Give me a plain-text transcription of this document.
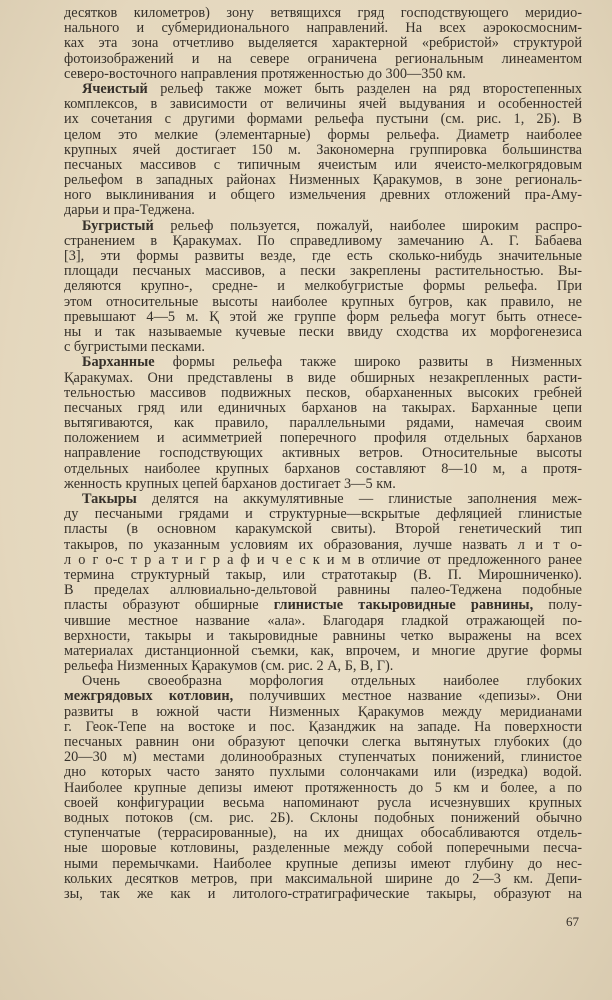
десятков километров) зону ветвящихся гряд господствующего меридио-
нального и субмеридионального направлений. На всех аэрокосмосним-
ках эта зона отчетливо выделяется характерной «ребристой» структурой
фотоизображений и на севере ограничена региональным линеаментом
северо-восточного направления протяженностью до 300—350 км.
Ячеистый рельеф также может быть разделен на ряд второстепенных
комплексов, в зависимости от величины ячей выдувания и особенностей
их сочетания с другими формами рельефа пустыни (см. рис. 1, 2Б). В
целом это мелкие (элементарные) формы рельефа. Диаметр наиболее
крупных ячей достигает 150 м. Закономерна группировка большинства
песчаных массивов с типичным ячеистым или ячеисто-мелкогрядовым
рельефом в западных районах Низменных Қаракумов, в зоне региональ-
ного выклинивания и общего измельчения древних отложений пра-Аму-
дарьи и пра-Теджена.
Бугристый рельеф пользуется, пожалуй, наиболее широким распро-
странением в Қаракумах. По справедливому замечанию А. Г. Бабаева
[3], эти формы развиты везде, где есть сколько-нибудь значительные
площади песчаных массивов, а пески закреплены растительностью. Вы-
деляются крупно-, средне- и мелкобугристые формы рельефа. При
этом относительные высоты наиболее крупных бугров, как правило, не
превышают 4—5 м. Қ этой же группе форм рельефа могут быть отнесе-
ны и так называемые кучевые пески ввиду сходства их морфогенезиса
с бугристыми песками.
Барханные формы рельефа также широко развиты в Низменных
Қаракумах. Они представлены в виде обширных незакрепленных расти-
тельностью массивов подвижных песков, обарханенных высоких гребней
песчаных гряд или единичных барханов на такырах. Барханные цепи
вытягиваются, как правило, параллельными рядами, намечая своим
положением и асимметрией поперечного профиля отдельных барханов
направление господствующих активных ветров. Относительные высоты
отдельных наиболее крупных барханов составляют 8—10 м, а протя-
женность крупных цепей барханов достигает 3—5 км.
Такыры делятся на аккумулятивные — глинистые заполнения меж-
ду песчаными грядами и структурные—вскрытые дефляцией глинистые
пласты (в основном каракумской свиты). Второй генетический тип
такыров, по указанным условиям их образования, лучше назвать л и т о-
л о г о-с т р а т и г р а ф и ч е с к и м в отличие от предложенного ранее
термина структурный такыр, или стратотакыр (В. П. Мирошниченко).
В пределах аллювиально-дельтовой равнины палео-Теджена подобные
пласты образуют обширные глинистые такыровидные равнины, полу-
чившие местное название «ала». Благодаря гладкой отражающей по-
верхности, такыры и такыровидные равнины четко выражены на всех
материалах дистанционной съемки, как, впрочем, и многие другие формы
рельефа Низменных Қаракумов (см. рис. 2 А, Б, В, Г).
Очень своеобразна морфология отдельных наиболее глубоких
межгрядовых котловин, получивших местное название «депизы». Они
развиты в южной части Низменных Қаракумов между меридианами
г. Геок-Тепе на востоке и пос. Қазанджик на западе. На поверхности
песчаных равнин они образуют цепочки слегка вытянутых глубоких (до
20—30 м) местами долинообразных ступенчатых понижений, глинистое
дно которых часто занято пухлыми солончаками или (изредка) водой.
Наиболее крупные депизы имеют протяженность до 5 км и более, а по
своей конфигурации весьма напоминают русла исчезнувших крупных
водных потоков (см. рис. 2Б). Склоны подобных понижений обычно
ступенчатые (террасированные), на их днищах обосабливаются отдель-
ные шоровые котловины, разделенные между собой поперечными песча-
ными перемычками. Наиболее крупные депизы имеют глубину до нес-
кольких десятков метров, при максимальной ширине до 2—3 км. Депи-
зы, так же как и литолого-стратиграфические такыры, образуют на
67
